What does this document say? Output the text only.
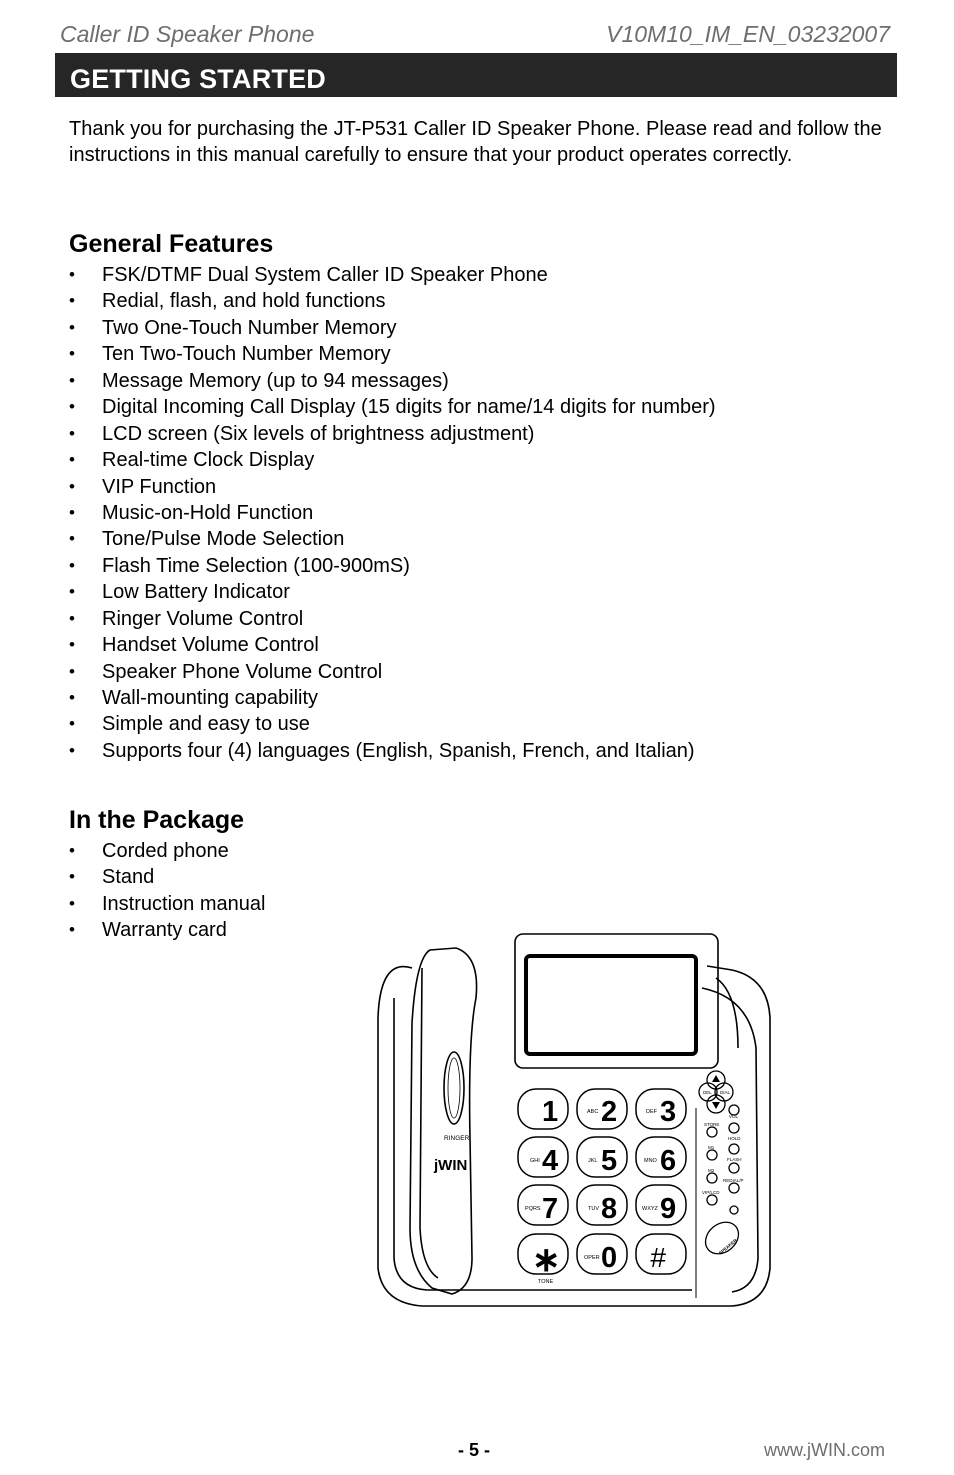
Caller ID Speaker Phone	V10M10_IM_EN_03232007
GETTING STARTED
Thank you for purchasing the JT-P531 Caller ID Speaker Phone. Please read and follow the instructions in this manual carefully to ensure that your product operates correctly.
General Features
• FSK/DTMF Dual System Caller ID Speaker Phone
• Redial, flash, and hold functions
• Two One-Touch Number Memory
• Ten Two-Touch Number Memory
• Message Memory (up to 94 messages)
• Digital Incoming Call Display (15 digits for name/14 digits for number)
• LCD screen (Six levels of brightness adjustment)
• Real-time Clock Display
• VIP Function
• Music-on-Hold Function
• Tone/Pulse Mode Selection
• Flash Time Selection (100-900mS)
• Low Battery Indicator
• Ringer Volume Control
• Handset Volume Control
• Speaker Phone Volume Control
• Wall-mounting capability
• Simple and easy to use
• Supports four (4) languages (English, Spanish, French, and Italian)
In the Package
• Corded phone
• Stand
• Instruction manual
• Warranty card
RINGER
jWIN
1	ABC 2	DEF 3
GHI 4	JKL 5	MNO 6
PQRS 7	TUV 8	WXYZ 9
∗	OPER 0 #
TONE
DEL DIAL
VOL
STORE
HOLD
M1
FLASH
M2
REDIAL/P
VIP/LCD
SPEAKER
- 5 -	www.jWIN.com
